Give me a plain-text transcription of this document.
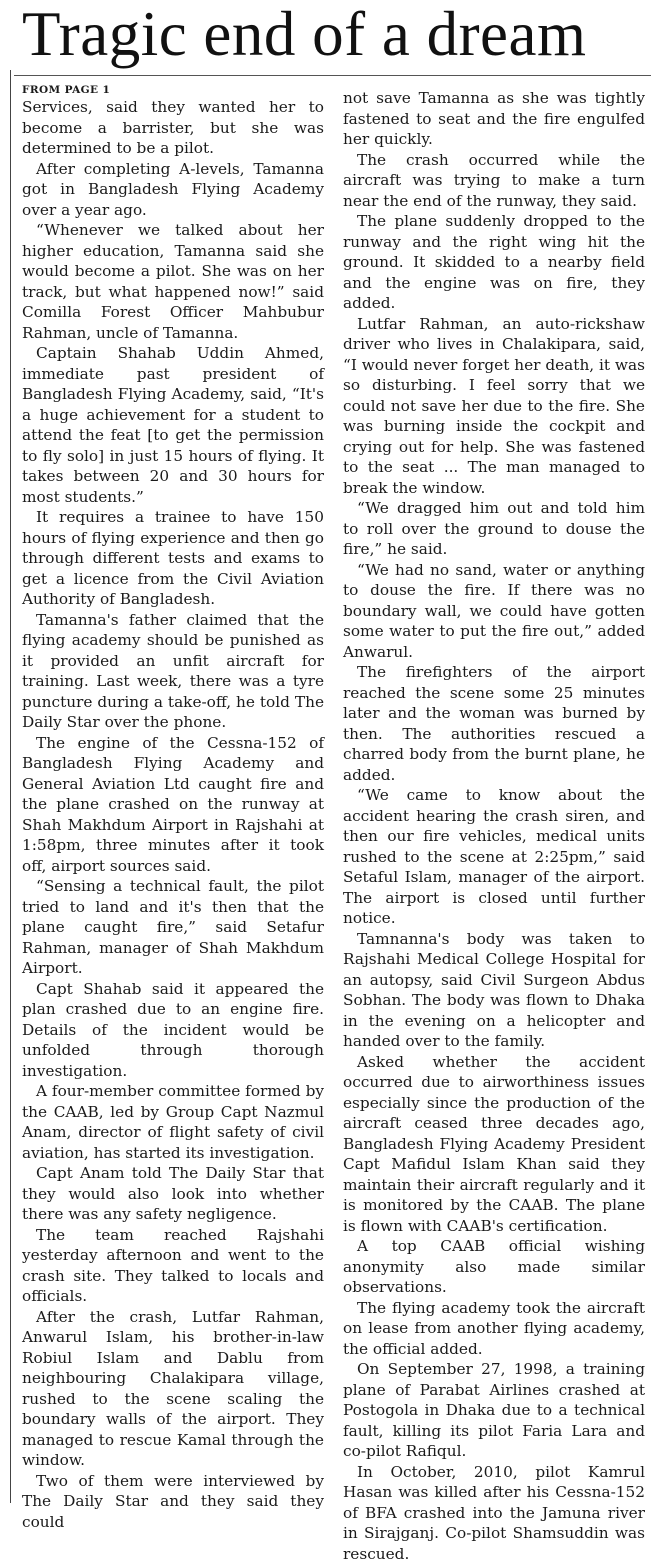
Tragic end of a dream

FROM PAGE 1

Services, said they wanted her to become a barrister, but she was determined to be a pilot.

After completing A-levels, Tamanna got in Bangladesh Flying Academy over a year ago.

“Whenever we talked about her higher education, Tamanna said she would become a pilot. She was on her track, but what happened now!” said Comilla Forest Officer Mahbubur Rahman, uncle of Tamanna.

Captain Shahab Uddin Ahmed, immediate past president of Bangladesh Flying Academy, said, “It's a huge achievement for a student to attend the feat [to get the permission to fly solo] in just 15 hours of flying. It takes between 20 and 30 hours for most students.”

It requires a trainee to have 150 hours of flying experience and then go through different tests and exams to get a licence from the Civil Aviation Authority of Bangladesh.

Tamanna's father claimed that the flying academy should be punished as it provided an unfit aircraft for training. Last week, there was a tyre puncture during a take-off, he told The Daily Star over the phone.

The engine of the Cessna-152 of Bangladesh Flying Academy and General Aviation Ltd caught fire and the plane crashed on the runway at Shah Makhdum Airport in Rajshahi at 1:58pm, three minutes after it took off, airport sources said.

“Sensing a technical fault, the pilot tried to land and it's then that the plane caught fire,” said Setafur Rahman, manager of Shah Makhdum Airport.

Capt Shahab said it appeared the plan crashed due to an engine fire. Details of the incident would be unfolded through thorough investigation.

A four-member committee formed by the CAAB, led by Group Capt Nazmul Anam, director of flight safety of civil aviation, has started its investigation.

Capt Anam told The Daily Star that they would also look into whether there was any safety negligence.

The team reached Rajshahi yesterday afternoon and went to the crash site. They talked to locals and officials.

After the crash, Lutfar Rahman, Anwarul Islam, his brother-in-law Robiul Islam and Dablu from neighbouring Chalakipara village, rushed to the scene scaling the boundary walls of the airport. They managed to rescue Kamal through the window.

Two of them were interviewed by The Daily Star and they said they could

not save Tamanna as she was tightly fastened to seat and the fire engulfed her quickly.

The crash occurred while the aircraft was trying to make a turn near the end of the runway, they said.

The plane suddenly dropped to the runway and the right wing hit the ground. It skidded to a nearby field and the engine was on fire, they added.

Lutfar Rahman, an auto-rickshaw driver who lives in Chalakipara, said, “I would never forget her death, it was so disturbing. I feel sorry that we could not save her due to the fire. She was burning inside the cockpit and crying out for help. She was fastened to the seat ... The man managed to break the window.

“We dragged him out and told him to roll over the ground to douse the fire,” he said.

“We had no sand, water or anything to douse the fire. If there was no boundary wall, we could have gotten some water to put the fire out,” added Anwarul.

The firefighters of the airport reached the scene some 25 minutes later and the woman was burned by then. The authorities rescued a charred body from the burnt plane, he added.

“We came to know about the accident hearing the crash siren, and then our fire vehicles, medical units rushed to the scene at 2:25pm,” said Setaful Islam, manager of the airport. The airport is closed until further notice.

Tamnanna's body was taken to Rajshahi Medical College Hospital for an autopsy, said Civil Surgeon Abdus Sobhan. The body was flown to Dhaka in the evening on a helicopter and handed over to the family.

Asked whether the accident occurred due to airworthiness issues especially since the production of the aircraft ceased three decades ago, Bangladesh Flying Academy President Capt Mafidul Islam Khan said they maintain their aircraft regularly and it is monitored by the CAAB. The plane is flown with CAAB's certification.

A top CAAB official wishing anonymity also made similar observations.

The flying academy took the aircraft on lease from another flying academy, the official added.

On September 27, 1998, a training plane of Parabat Airlines crashed at Postogola in Dhaka due to a technical fault, killing its pilot Faria Lara and co-pilot Rafiqul.

In October, 2010, pilot Kamrul Hasan was killed after his Cessna-152 of BFA crashed into the Jamuna river in Sirajganj. Co-pilot Shamsuddin was rescued.
